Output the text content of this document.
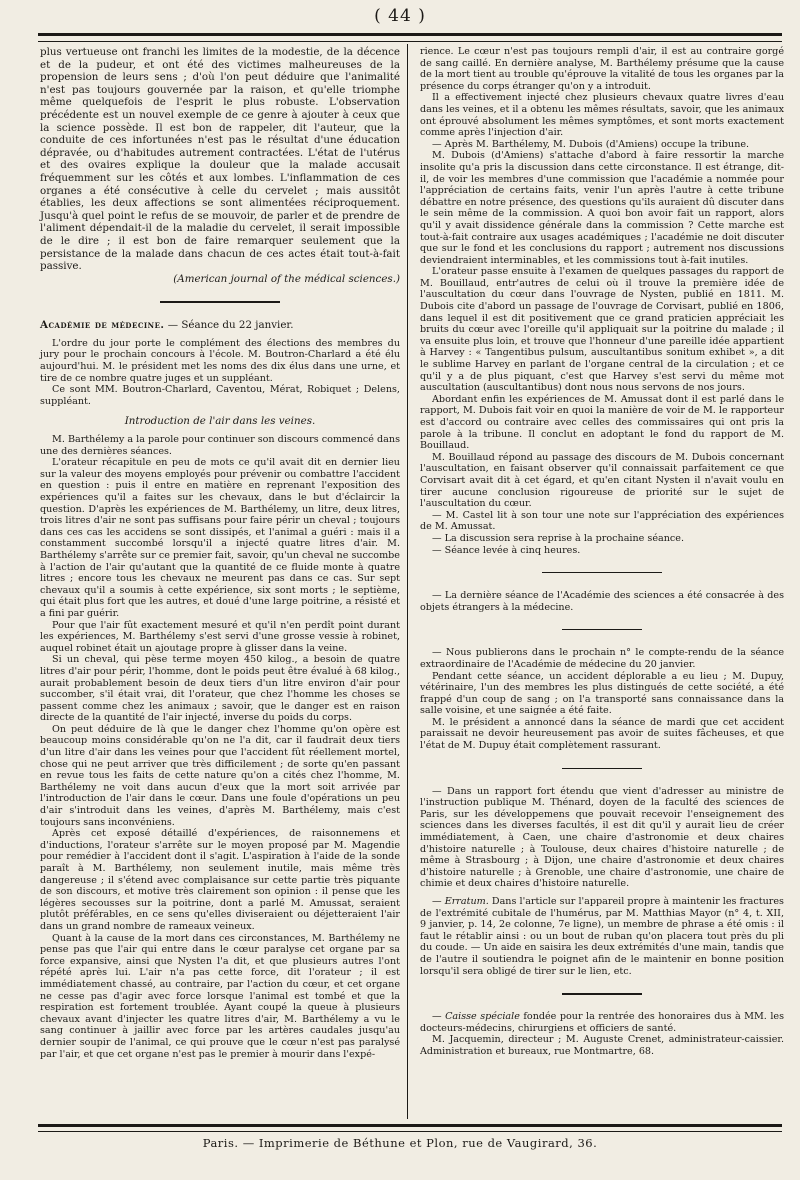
( 44 )

plus vertueuse ont franchi les limites de la modestie, de la décence et de la pudeur, et ont été des victimes malheureuses de la propension de leurs sens ; d'où l'on peut déduire que l'animalité n'est pas toujours gouvernée par la raison, et qu'elle triomphe même quelquefois de l'esprit le plus robuste. L'observation précédente est un nouvel exemple de ce genre à ajouter à ceux que la science possède. Il est bon de rappeler, dit l'auteur, que la conduite de ces infortunées n'est pas le résultat d'une éducation dépravée, ou d'habitudes autrement contractées. L'état de l'utérus et des ovaires explique la douleur que la malade accusait fréquemment sur les côtés et aux lombes. L'inflammation de ces organes a été consécutive à celle du cervelet ; mais aussitôt établies, les deux affections se sont alimentées réciproquement. Jusqu'à quel point le refus de se mouvoir, de parler et de prendre de l'aliment dépendait-il de la maladie du cervelet, il serait impossible de le dire ; il est bon de faire remarquer seulement que la persistance de la malade dans chacun de ces actes était tout-à-fait passive.

(American journal of the médical sciences.)

Académie de médecine. — Séance du 22 janvier.

L'ordre du jour porte le complément des élections des membres du jury pour le prochain concours à l'école. M. Boutron-Charlard a été élu aujourd'hui. M. le président met les noms des dix élus dans une urne, et tire de ce nombre quatre juges et un suppléant.

Ce sont MM. Boutron-Charlard, Caventou, Mérat, Robiquet ; Delens, suppléant.

Introduction de l'air dans les veines.

M. Barthélemy a la parole pour continuer son discours commencé dans une des dernières séances.

L'orateur récapitule en peu de mots ce qu'il avait dit en dernier lieu sur la valeur des moyens employés pour prévenir ou combattre l'accident en question : puis il entre en matière en reprenant l'exposition des expériences qu'il a faites sur les chevaux, dans le but d'éclaircir la question. D'après les expériences de M. Barthélemy, un litre, deux litres, trois litres d'air ne sont pas suffisans pour faire périr un cheval ; toujours dans ces cas les accidens se sont dissipés, et l'animal a guéri : mais il a constamment succombé lorsqu'il a injecté quatre litres d'air. M. Barthélemy s'arrête sur ce premier fait, savoir, qu'un cheval ne succombe à l'action de l'air qu'autant que la quantité de ce fluide monte à quatre litres ; encore tous les chevaux ne meurent pas dans ce cas. Sur sept chevaux qu'il a soumis à cette expérience, six sont morts ; le septième, qui était plus fort que les autres, et doué d'une large poitrine, a résisté et a fini par guérir.

Pour que l'air fût exactement mesuré et qu'il n'en perdît point durant les expériences, M. Barthélemy s'est servi d'une grosse vessie à robinet, auquel robinet était un ajoutage propre à glisser dans la veine.

Si un cheval, qui pèse terme moyen 450 kilog., a besoin de quatre litres d'air pour périr, l'homme, dont le poids peut être évalué à 68 kilog., aurait probablement besoin de deux tiers d'un litre environ d'air pour succomber, s'il était vrai, dit l'orateur, que chez l'homme les choses se passent comme chez les animaux ; savoir, que le danger est en raison directe de la quantité de l'air injecté, inverse du poids du corps.

On peut déduire de là que le danger chez l'homme qu'on opère est beaucoup moins considérable qu'on ne l'a dit, car il faudrait deux tiers d'un litre d'air dans les veines pour que l'accident fût réellement mortel, chose qui ne peut arriver que très difficilement ; de sorte qu'en passant en revue tous les faits de cette nature qu'on a cités chez l'homme, M. Barthélemy ne voit dans aucun d'eux que la mort soit arrivée par l'introduction de l'air dans le cœur. Dans une foule d'opérations un peu d'air s'introduit dans les veines, d'après M. Barthélemy, mais c'est toujours sans inconvéniens.

Après cet exposé détaillé d'expériences, de raisonnemens et d'inductions, l'orateur s'arrête sur le moyen proposé par M. Magendie pour remédier à l'accident dont il s'agit. L'aspiration à l'aide de la sonde paraît à M. Barthélemy, non seulement inutile, mais même très dangereuse ; il s'étend avec complaisance sur cette partie très piquante de son discours, et motive très clairement son opinion : il pense que les légères secousses sur la poitrine, dont a parlé M. Amussat, seraient plutôt préférables, en ce sens qu'elles diviseraient ou déjetteraient l'air dans un grand nombre de rameaux veineux.

Quant à la cause de la mort dans ces circonstances, M. Barthélemy ne pense pas que l'air qui entre dans le cœur paralyse cet organe par sa force expansive, ainsi que Nysten l'a dit, et que plusieurs autres l'ont répété après lui. L'air n'a pas cette force, dit l'orateur ; il est immédiatement chassé, au contraire, par l'action du cœur, et cet organe ne cesse pas d'agir avec force lorsque l'animal est tombé et que la respiration est fortement troublée. Ayant coupé la queue à plusieurs chevaux avant d'injecter les quatre litres d'air, M. Barthélemy a vu le sang continuer à jaillir avec force par les artères caudales jusqu'au dernier soupir de l'animal, ce qui prouve que le cœur n'est pas paralysé par l'air, et que cet organe n'est pas le premier à mourir dans l'expé-

rience. Le cœur n'est pas toujours rempli d'air, il est au contraire gorgé de sang caillé. En dernière analyse, M. Barthélemy présume que la cause de la mort tient au trouble qu'éprouve la vitalité de tous les organes par la présence du corps étranger qu'on y a introduit.

Il a effectivement injecté chez plusieurs chevaux quatre livres d'eau dans les veines, et il a obtenu les mêmes résultats, savoir, que les animaux ont éprouvé absolument les mêmes symptômes, et sont morts exactement comme après l'injection d'air.

— Après M. Barthélemy, M. Dubois (d'Amiens) occupe la tribune.

M. Dubois (d'Amiens) s'attache d'abord à faire ressortir la marche insolite qu'a pris la discussion dans cette circonstance. Il est étrange, dit-il, de voir les membres d'une commission que l'académie a nommée pour l'appréciation de certains faits, venir l'un après l'autre à cette tribune débattre en notre présence, des questions qu'ils auraient dû discuter dans le sein même de la commission. A quoi bon avoir fait un rapport, alors qu'il y avait dissidence générale dans la commission ? Cette marche est tout-à-fait contraire aux usages académiques ; l'académie ne doit discuter que sur le fond et les conclusions du rapport ; autrement nos discussions deviendraient interminables, et les commissions tout à-fait inutiles.

L'orateur passe ensuite à l'examen de quelques passages du rapport de M. Bouillaud, entr'autres de celui où il trouve la première idée de l'auscultation du cœur dans l'ouvrage de Nysten, publié en 1811. M. Dubois cite d'abord un passage de l'ouvrage de Corvisart, publié en 1806, dans lequel il est dit positivement que ce grand praticien appréciait les bruits du cœur avec l'oreille qu'il appliquait sur la poitrine du malade ; il va ensuite plus loin, et trouve que l'honneur d'une pareille idée appartient à Harvey : « Tangentibus pulsum, auscultantibus sonitum exhibet », a dit le sublime Harvey en parlant de l'organe central de la circulation ; et ce qu'il y a de plus piquant, c'est que Harvey s'est servi du même mot auscultation (auscultantibus) dont nous nous servons de nos jours.

Abordant enfin les expériences de M. Amussat dont il est parlé dans le rapport, M. Dubois fait voir en quoi la manière de voir de M. le rapporteur est d'accord ou contraire avec celles des commissaires qui ont pris la parole à la tribune. Il conclut en adoptant le fond du rapport de M. Bouillaud.

M. Bouillaud répond au passage des discours de M. Dubois concernant l'auscultation, en faisant observer qu'il connaissait parfaitement ce que Corvisart avait dit à cet égard, et qu'en citant Nysten il n'avait voulu en tirer aucune conclusion rigoureuse de priorité sur le sujet de l'auscultation du cœur.

— M. Castel lit à son tour une note sur l'appréciation des expériences de M. Amussat.

— La discussion sera reprise à la prochaine séance.

— Séance levée à cinq heures.

— La dernière séance de l'Académie des sciences a été consacrée à des objets étrangers à la médecine.

— Nous publierons dans le prochain n° le compte-rendu de la séance extraordinaire de l'Académie de médecine du 20 janvier.

Pendant cette séance, un accident déplorable a eu lieu ; M. Dupuy, vétérinaire, l'un des membres les plus distingués de cette société, a été frappé d'un coup de sang ; on l'a transporté sans connaissance dans la salle voisine, et une saignée a été faite.

M. le président a annoncé dans la séance de mardi que cet accident paraissait ne devoir heureusement pas avoir de suites fâcheuses, et que l'état de M. Dupuy était complètement rassurant.

— Dans un rapport fort étendu que vient d'adresser au ministre de l'instruction publique M. Thénard, doyen de la faculté des sciences de Paris, sur les développemens que pouvait recevoir l'enseignement des sciences dans les diverses facultés, il est dit qu'il y aurait lieu de créer immédiatement, à Caen, une chaire d'astronomie et deux chaires d'histoire naturelle ; à Toulouse, deux chaires d'histoire naturelle ; de même à Strasbourg ; à Dijon, une chaire d'astronomie et deux chaires d'histoire naturelle ; à Grenoble, une chaire d'astronomie, une chaire de chimie et deux chaires d'histoire naturelle.

— Erratum. Dans l'article sur l'appareil propre à maintenir les fractures de l'extrémité cubitale de l'humérus, par M. Matthias Mayor (n° 4, t. XII, 9 janvier, p. 14, 2e colonne, 7e ligne), un membre de phrase a été omis : il faut le rétablir ainsi : ou un bout de ruban qu'on placera tout près du pli du coude. — Un aide en saisira les deux extrémités d'une main, tandis que de l'autre il soutiendra le poignet afin de le maintenir en bonne position lorsqu'il sera obligé de tirer sur le lien, etc.

— Caisse spéciale fondée pour la rentrée des honoraires dus à MM. les docteurs-médecins, chirurgiens et officiers de santé.

M. Jacquemin, directeur ; M. Auguste Crenet, administrateur-caissier. Administration et bureaux, rue Montmartre, 68.

Paris. — Imprimerie de Béthune et Plon, rue de Vaugirard, 36.
